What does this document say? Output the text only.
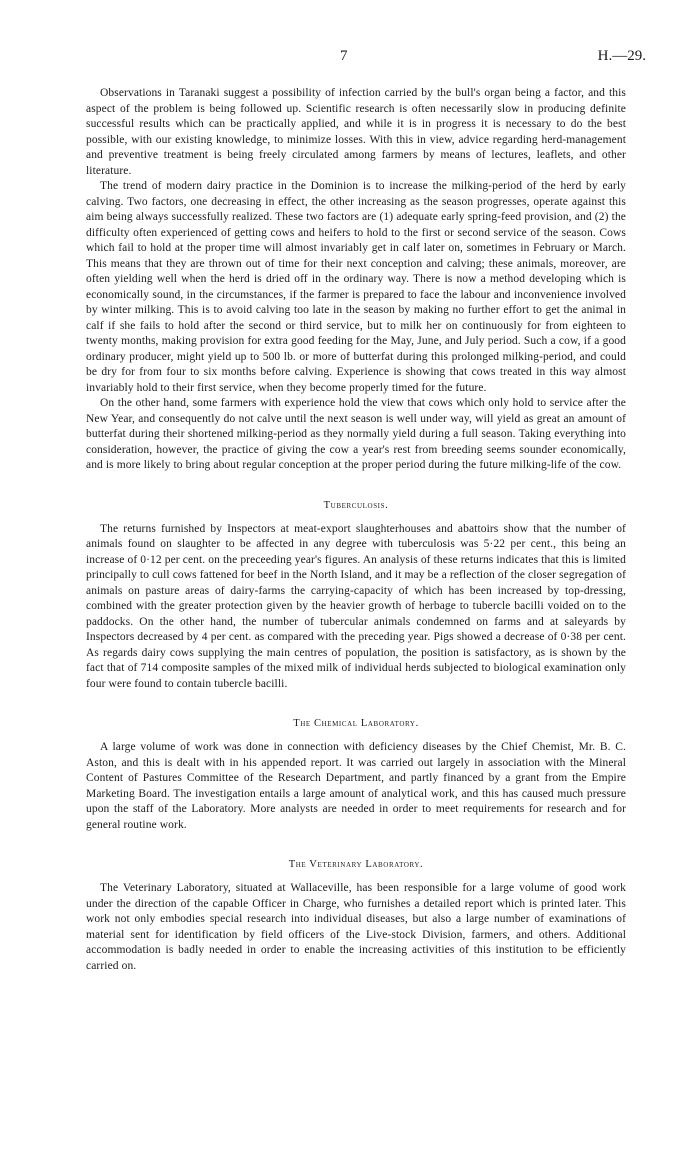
7	H.—29.

Observations in Taranaki suggest a possibility of infection carried by the bull's organ being a factor, and this aspect of the problem is being followed up. Scientific research is often necessarily slow in producing definite successful results which can be practically applied, and while it is in progress it is necessary to do the best possible, with our existing knowledge, to minimize losses. With this in view, advice regarding herd-management and preventive treatment is being freely circulated among farmers by means of lectures, leaflets, and other literature.

The trend of modern dairy practice in the Dominion is to increase the milking-period of the herd by early calving. Two factors, one decreasing in effect, the other increasing as the season progresses, operate against this aim being always successfully realized. These two factors are (1) adequate early spring-feed provision, and (2) the difficulty often experienced of getting cows and heifers to hold to the first or second service of the season. Cows which fail to hold at the proper time will almost invariably get in calf later on, sometimes in February or March. This means that they are thrown out of time for their next conception and calving; these animals, moreover, are often yielding well when the herd is dried off in the ordinary way. There is now a method developing which is economically sound, in the circumstances, if the farmer is prepared to face the labour and inconvenience involved by winter milking. This is to avoid calving too late in the season by making no further effort to get the animal in calf if she fails to hold after the second or third service, but to milk her on continuously for from eighteen to twenty months, making provision for extra good feeding for the May, June, and July period. Such a cow, if a good ordinary producer, might yield up to 500 lb. or more of butterfat during this prolonged milking-period, and could be dry for from four to six months before calving. Experience is showing that cows treated in this way almost invariably hold to their first service, when they become properly timed for the future.

On the other hand, some farmers with experience hold the view that cows which only hold to service after the New Year, and consequently do not calve until the next season is well under way, will yield as great an amount of butterfat during their shortened milking-period as they normally yield during a full season. Taking everything into consideration, however, the practice of giving the cow a year's rest from breeding seems sounder economically, and is more likely to bring about regular conception at the proper period during the future milking-life of the cow.

Tuberculosis.

The returns furnished by Inspectors at meat-export slaughterhouses and abattoirs show that the number of animals found on slaughter to be affected in any degree with tuberculosis was 5·22 per cent., this being an increase of 0·12 per cent. on the preceeding year's figures. An analysis of these returns indicates that this is limited principally to cull cows fattened for beef in the North Island, and it may be a reflection of the closer segregation of animals on pasture areas of dairy-farms the carrying-capacity of which has been increased by top-dressing, combined with the greater protection given by the heavier growth of herbage to tubercle bacilli voided on to the paddocks. On the other hand, the number of tubercular animals condemned on farms and at saleyards by Inspectors decreased by 4 per cent. as compared with the preceding year. Pigs showed a decrease of 0·38 per cent. As regards dairy cows supplying the main centres of population, the position is satisfactory, as is shown by the fact that of 714 composite samples of the mixed milk of individual herds subjected to biological examination only four were found to contain tubercle bacilli.

The Chemical Laboratory.

A large volume of work was done in connection with deficiency diseases by the Chief Chemist, Mr. B. C. Aston, and this is dealt with in his appended report. It was carried out largely in association with the Mineral Content of Pastures Committee of the Research Department, and partly financed by a grant from the Empire Marketing Board. The investigation entails a large amount of analytical work, and this has caused much pressure upon the staff of the Laboratory. More analysts are needed in order to meet requirements for research and for general routine work.

The Veterinary Laboratory.

The Veterinary Laboratory, situated at Wallaceville, has been responsible for a large volume of good work under the direction of the capable Officer in Charge, who furnishes a detailed report which is printed later. This work not only embodies special research into individual diseases, but also a large number of examinations of material sent for identification by field officers of the Live-stock Division, farmers, and others. Additional accommodation is badly needed in order to enable the increasing activities of this institution to be efficiently carried on.
